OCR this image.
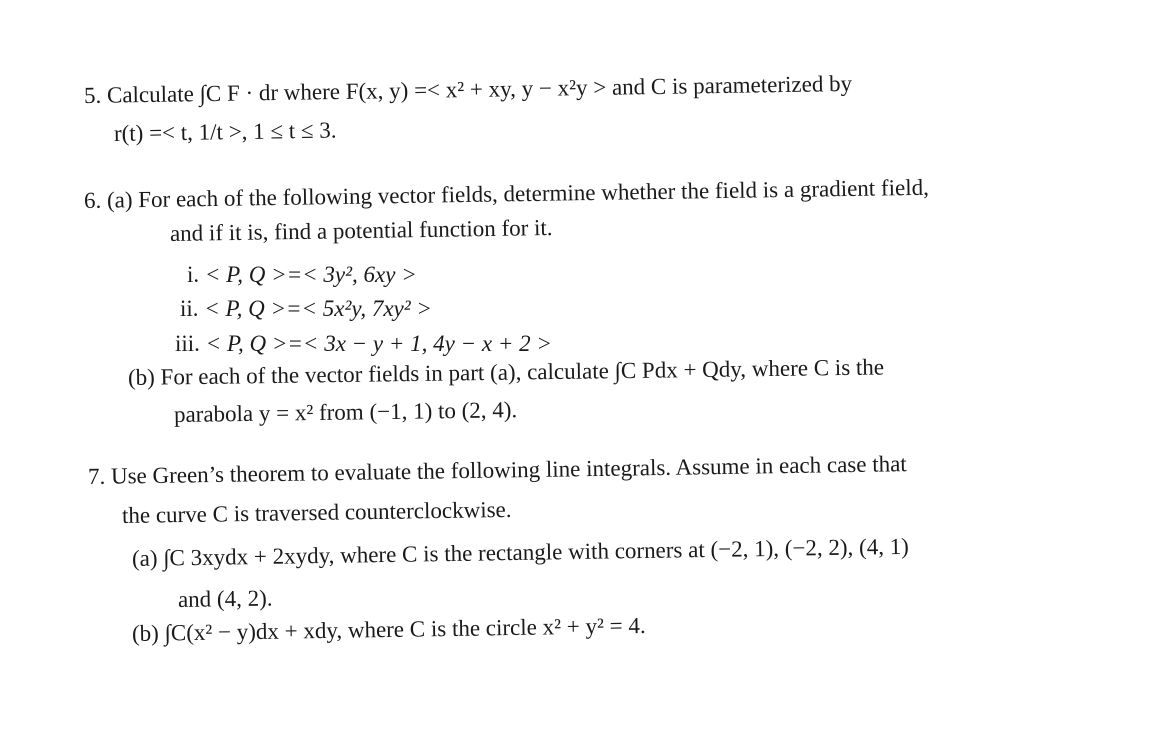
5. Calculate ∫C F · dr where F(x, y) =< x² + xy, y − x²y > and C is parameterized by
r(t) =< t, 1/t >, 1 ≤ t ≤ 3.
6. (a) For each of the following vector fields, determine whether the field is a gradient field,
and if it is, find a potential function for it.
i. < P, Q >=< 3y², 6xy >
ii. < P, Q >=< 5x²y, 7xy² >
iii. < P, Q >=< 3x − y + 1, 4y − x + 2 >
(b) For each of the vector fields in part (a), calculate ∫C Pdx + Qdy, where C is the
parabola y = x² from (−1, 1) to (2, 4).
7. Use Green’s theorem to evaluate the following line integrals. Assume in each case that
the curve C is traversed counterclockwise.
(a) ∫C 3xydx + 2xydy, where C is the rectangle with corners at (−2, 1), (−2, 2), (4, 1)
and (4, 2).
(b) ∫C(x² − y)dx + xdy, where C is the circle x² + y² = 4.
